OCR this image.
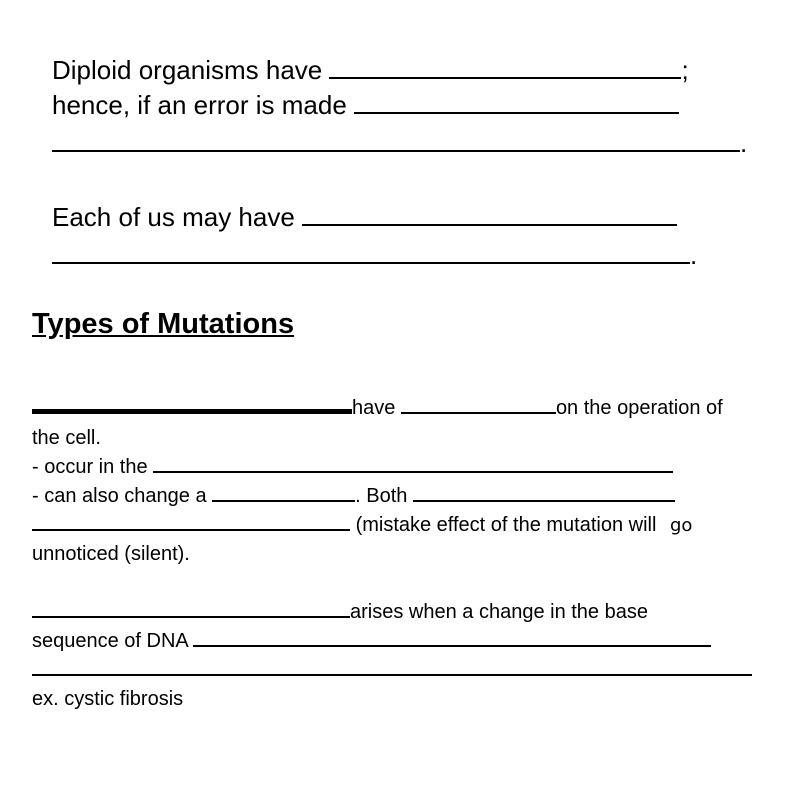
Diploid organisms have	;
hence, if an error is made
.
Each of us may have
.
Types of Mutations
have	on the operation of
the cell.
- occur in the
- can also change a	. Both
(mistake effect of the mutation will go
unnoticed (silent).
arises when a change in the base
sequence of DNA
ex. cystic fibrosis
